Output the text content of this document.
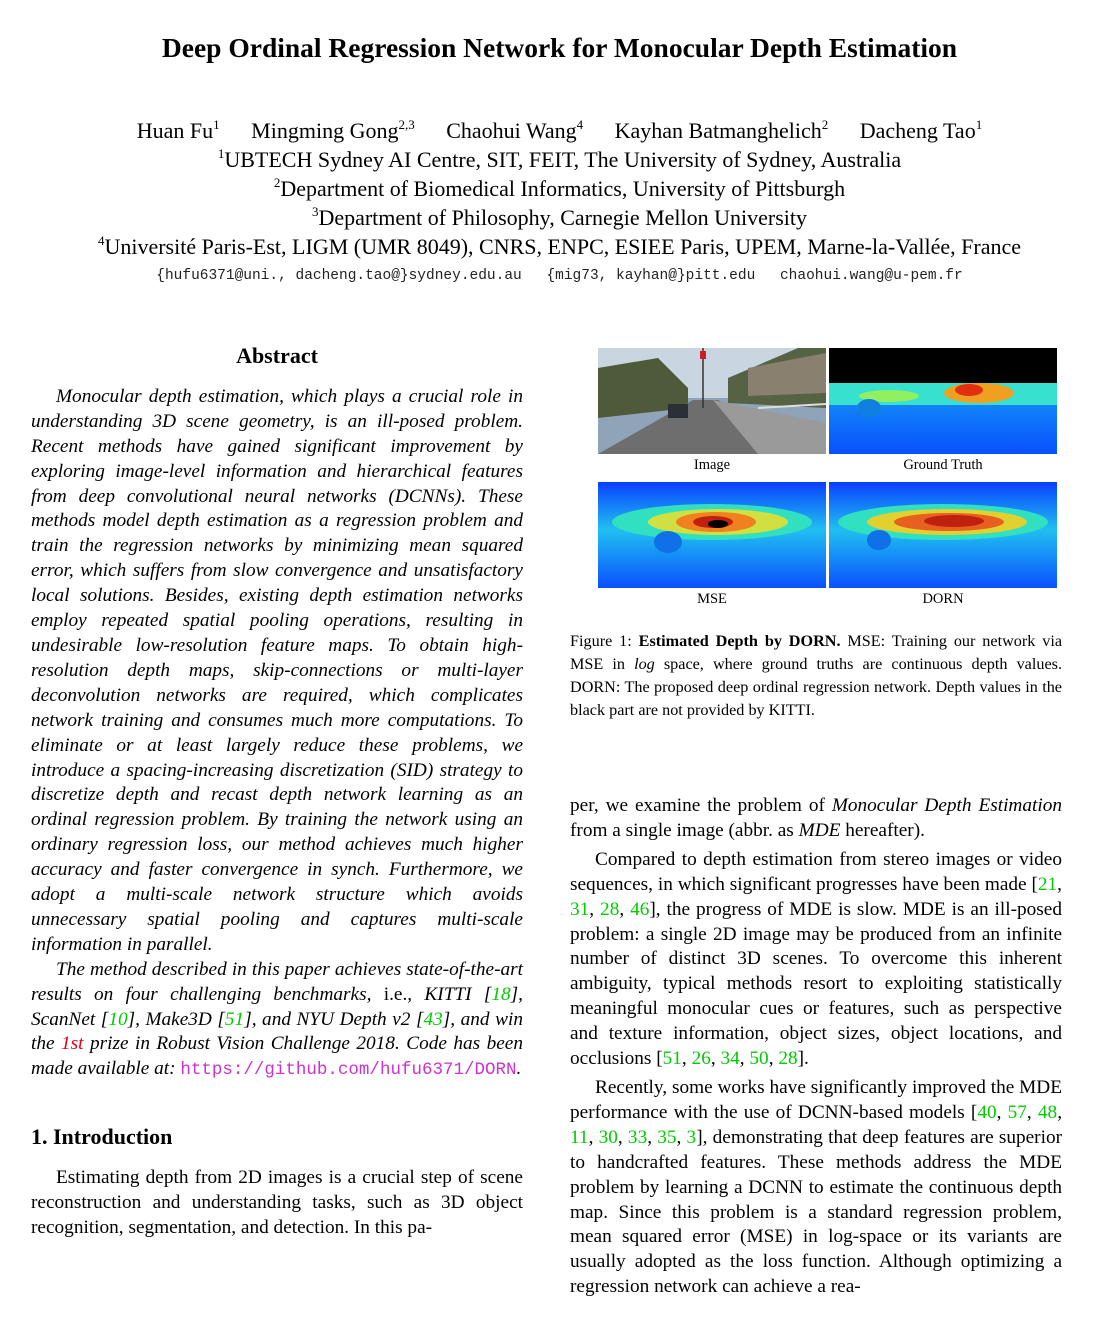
Deep Ordinal Regression Network for Monocular Depth Estimation
Huan Fu$^1$ Mingming Gong$^{2,3}$ Chaohui Wang$^4$ Kayhan Batmanghelich$^2$ Dacheng Tao$^1$
$^1$UBTECH Sydney AI Centre, SIT, FEIT, The University of Sydney, Australia
$^2$Department of Biomedical Informatics, University of Pittsburgh
$^3$Department of Philosophy, Carnegie Mellon University
$^4$Université Paris-Est, LIGM (UMR 8049), CNRS, ENPC, ESIEE Paris, UPEM, Marne-la-Vallée, France
{hufu6371@uni., dacheng.tao@}sydney.edu.au {mig73, kayhan@}pitt.edu chaohui.wang@u-pem.fr
Abstract

Monocular depth estimation, which plays a crucial role in understanding 3D scene geometry, is an ill-posed problem. Recent methods have gained significant improvement by exploring image-level information and hierarchical features from deep convolutional neural networks (DCNNs). These methods model depth estimation as a regression problem and train the regression networks by minimizing mean squared error, which suffers from slow convergence and unsatisfactory local solutions. Besides, existing depth estimation networks employ repeated spatial pooling operations, resulting in undesirable low-resolution feature maps. To obtain high-resolution depth maps, skip-connections or multi-layer deconvolution networks are required, which complicates network training and consumes much more computations. To eliminate or at least largely reduce these problems, we introduce a spacing-increasing discretization (SID) strategy to discretize depth and recast depth network learning as an ordinal regression problem. By training the network using an ordinary regression loss, our method achieves much higher accuracy and faster convergence in synch. Furthermore, we adopt a multi-scale network structure which avoids unnecessary spatial pooling and captures multi-scale information in parallel.

The method described in this paper achieves state-of-the-art results on four challenging benchmarks, i.e., KITTI [18], ScanNet [10], Make3D [51], and NYU Depth v2 [43], and win the 1st prize in Robust Vision Challenge 2018. Code has been made available at: https://github.com/hufu6371/DORN.

1. Introduction

Estimating depth from 2D images is a crucial step of scene reconstruction and understanding tasks, such as 3D object recognition, segmentation, and detection. In this pa-

Image	Ground Truth
MSE	DORN
Figure 1: Estimated Depth by DORN. MSE: Training our network via MSE in log space, where ground truths are continuous depth values. DORN: The proposed deep ordinal regression network. Depth values in the black part are not provided by KITTI.

per, we examine the problem of Monocular Depth Estimation from a single image (abbr. as MDE hereafter).

Compared to depth estimation from stereo images or video sequences, in which significant progresses have been made [21, 31, 28, 46], the progress of MDE is slow. MDE is an ill-posed problem: a single 2D image may be produced from an infinite number of distinct 3D scenes. To overcome this inherent ambiguity, typical methods resort to exploiting statistically meaningful monocular cues or features, such as perspective and texture information, object sizes, object locations, and occlusions [51, 26, 34, 50, 28].

Recently, some works have significantly improved the MDE performance with the use of DCNN-based models [40, 57, 48, 11, 30, 33, 35, 3], demonstrating that deep features are superior to handcrafted features. These methods address the MDE problem by learning a DCNN to estimate the continuous depth map. Since this problem is a standard regression problem, mean squared error (MSE) in log-space or its variants are usually adopted as the loss function. Although optimizing a regression network can achieve a rea-
